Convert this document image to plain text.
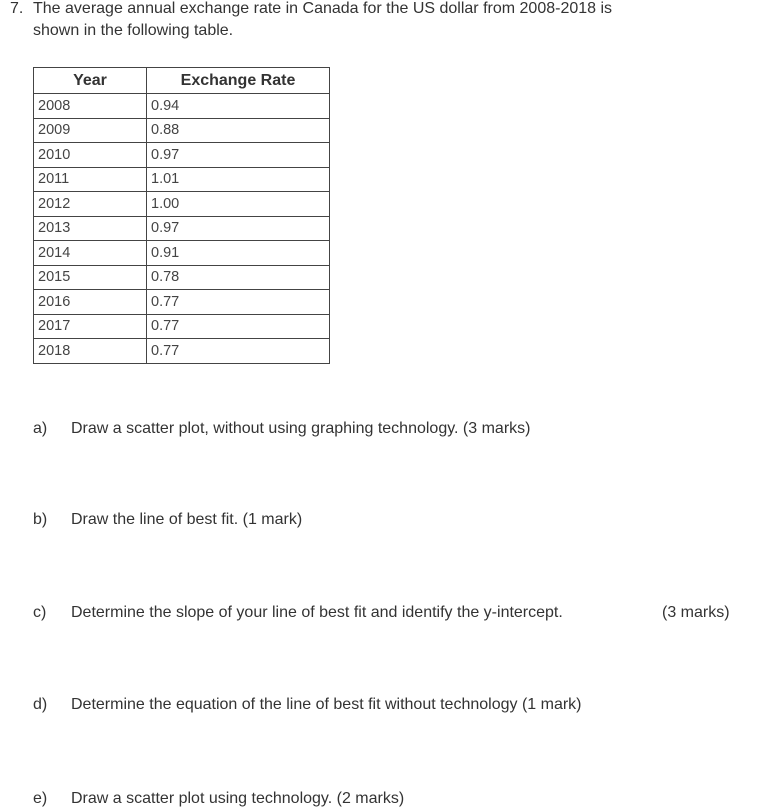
7. The average annual exchange rate in Canada for the US dollar from 2008-2018 is
shown in the following table.
Year	Exchange Rate
2008	0.94
2009	0.88
2010	0.97
2011	1.01
2012	1.00
2013	0.97
2014	0.91
2015	0.78
2016	0.77
2017	0.77
2018	0.77
a) Draw a scatter plot, without using graphing technology. (3 marks)
b) Draw the line of best fit. (1 mark)
c) Determine the slope of your line of best fit and identify the y-intercept.	(3 marks)
d) Determine the equation of the line of best fit without technology (1 mark)
e) Draw a scatter plot using technology. (2 marks)
